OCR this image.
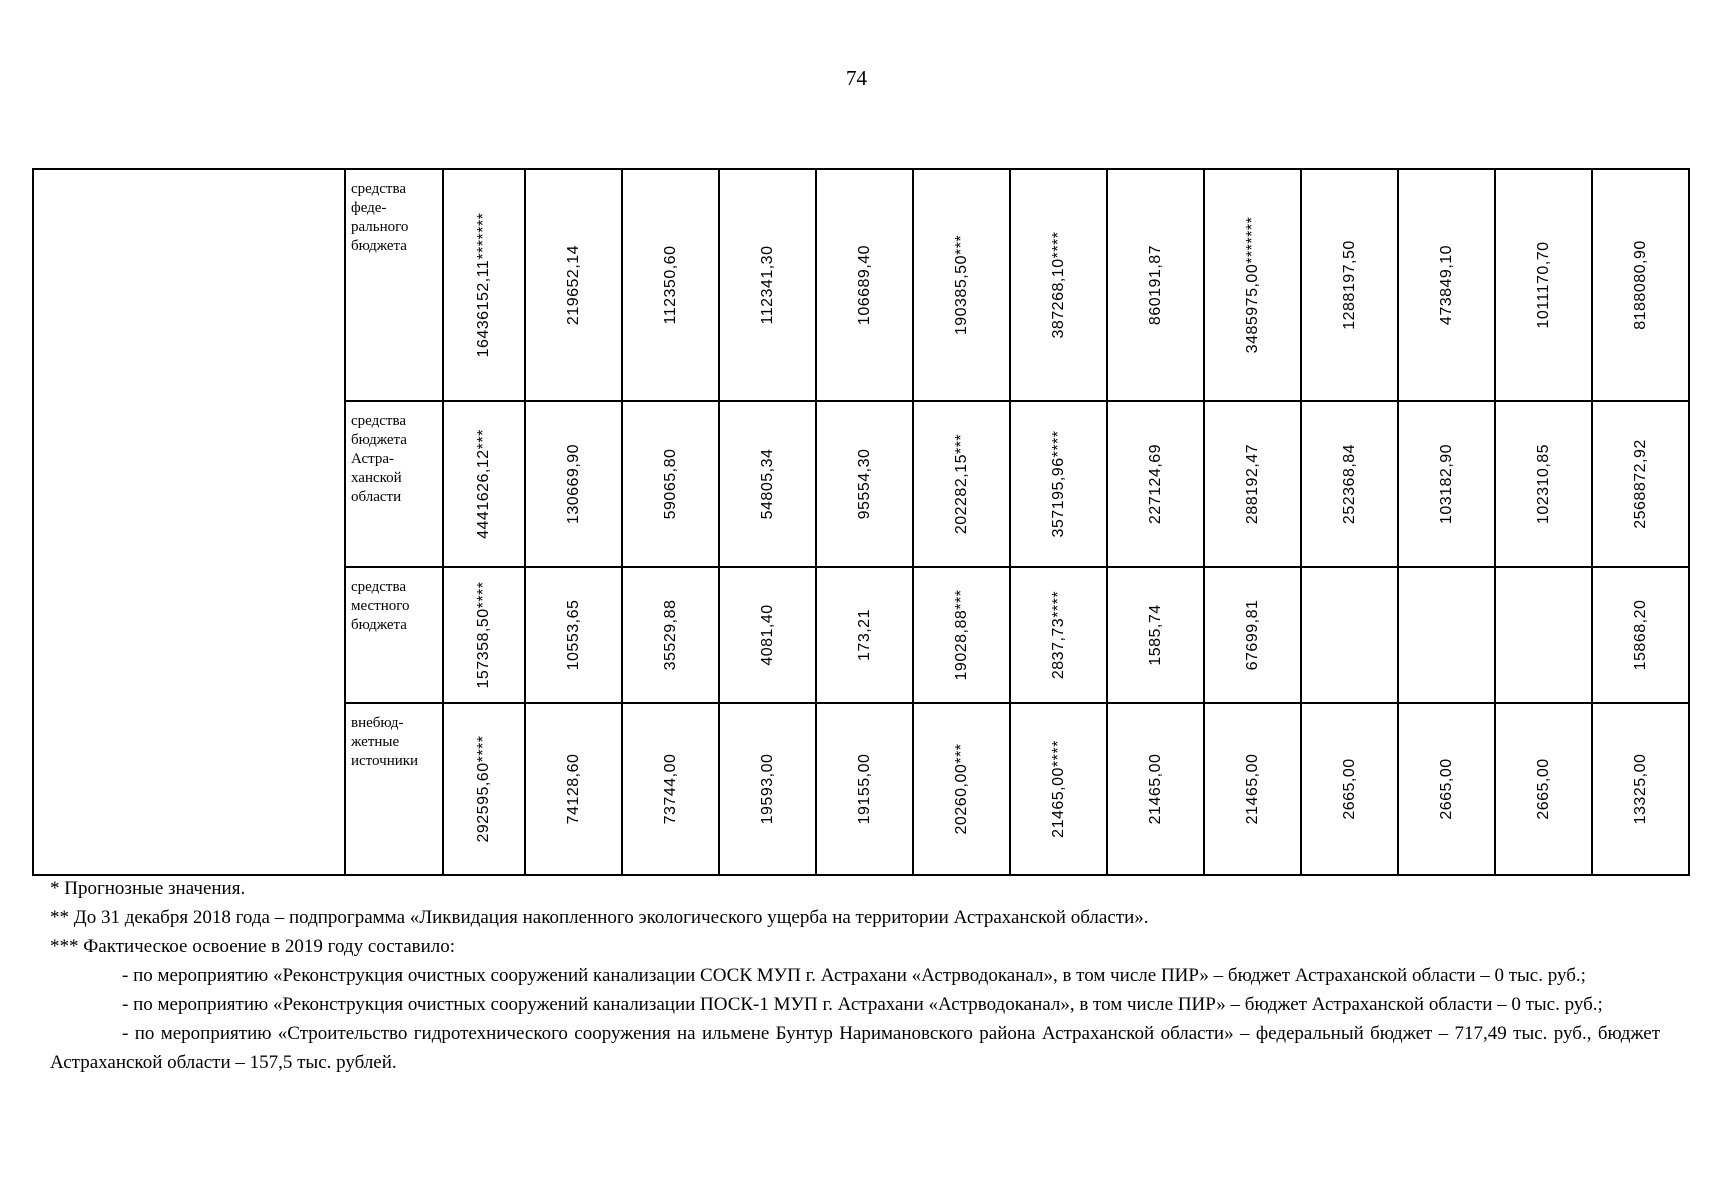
74

	средства
феде-
рального
бюджета	16436152,11*******	219652,14	112350,60	112341,30	106689,40	190385,50***	387268,10****	860191,87	3485975,00*******	1288197,50	473849,10	1011170,70	8188080,90

	средства
бюджета
Астра-
ханской
области	4441626,12***	130669,90	59065,80	54805,34	95554,30	202282,15***	357195,96****	227124,69	288192,47	252368,84	103182,90	102310,85	2568872,92

	средства
местного
бюджета	157358,50****	10553,65	35529,88	4081,40	173,21	19028,88***	2837,73****	1585,74	67699,81				15868,20

	внебюд-
жетные
источники	292595,60****	74128,60	73744,00	19593,00	19155,00	20260,00***	21465,00****	21465,00	21465,00	2665,00	2665,00	2665,00	13325,00

* Прогнозные значения.

** До 31 декабря 2018 года – подпрограмма «Ликвидация накопленного экологического ущерба на территории Астраханской области».

*** Фактическое освоение в 2019 году составило:

- по мероприятию «Реконструкция очистных сооружений канализации СОСК МУП г. Астрахани «Астрводоканал», в том числе ПИР» – бюджет Астраханской области – 0 тыс. руб.;

- по мероприятию «Реконструкция очистных сооружений канализации ПОСК-1 МУП г. Астрахани «Астрводоканал», в том числе ПИР» – бюджет Астраханской области – 0 тыс. руб.;

- по мероприятию «Строительство гидротехнического сооружения на ильмене Бунтур Наримановского района Астраханской области» – федеральный бюджет – 717,49 тыс. руб., бюджет Астраханской области – 157,5 тыс. рублей.
